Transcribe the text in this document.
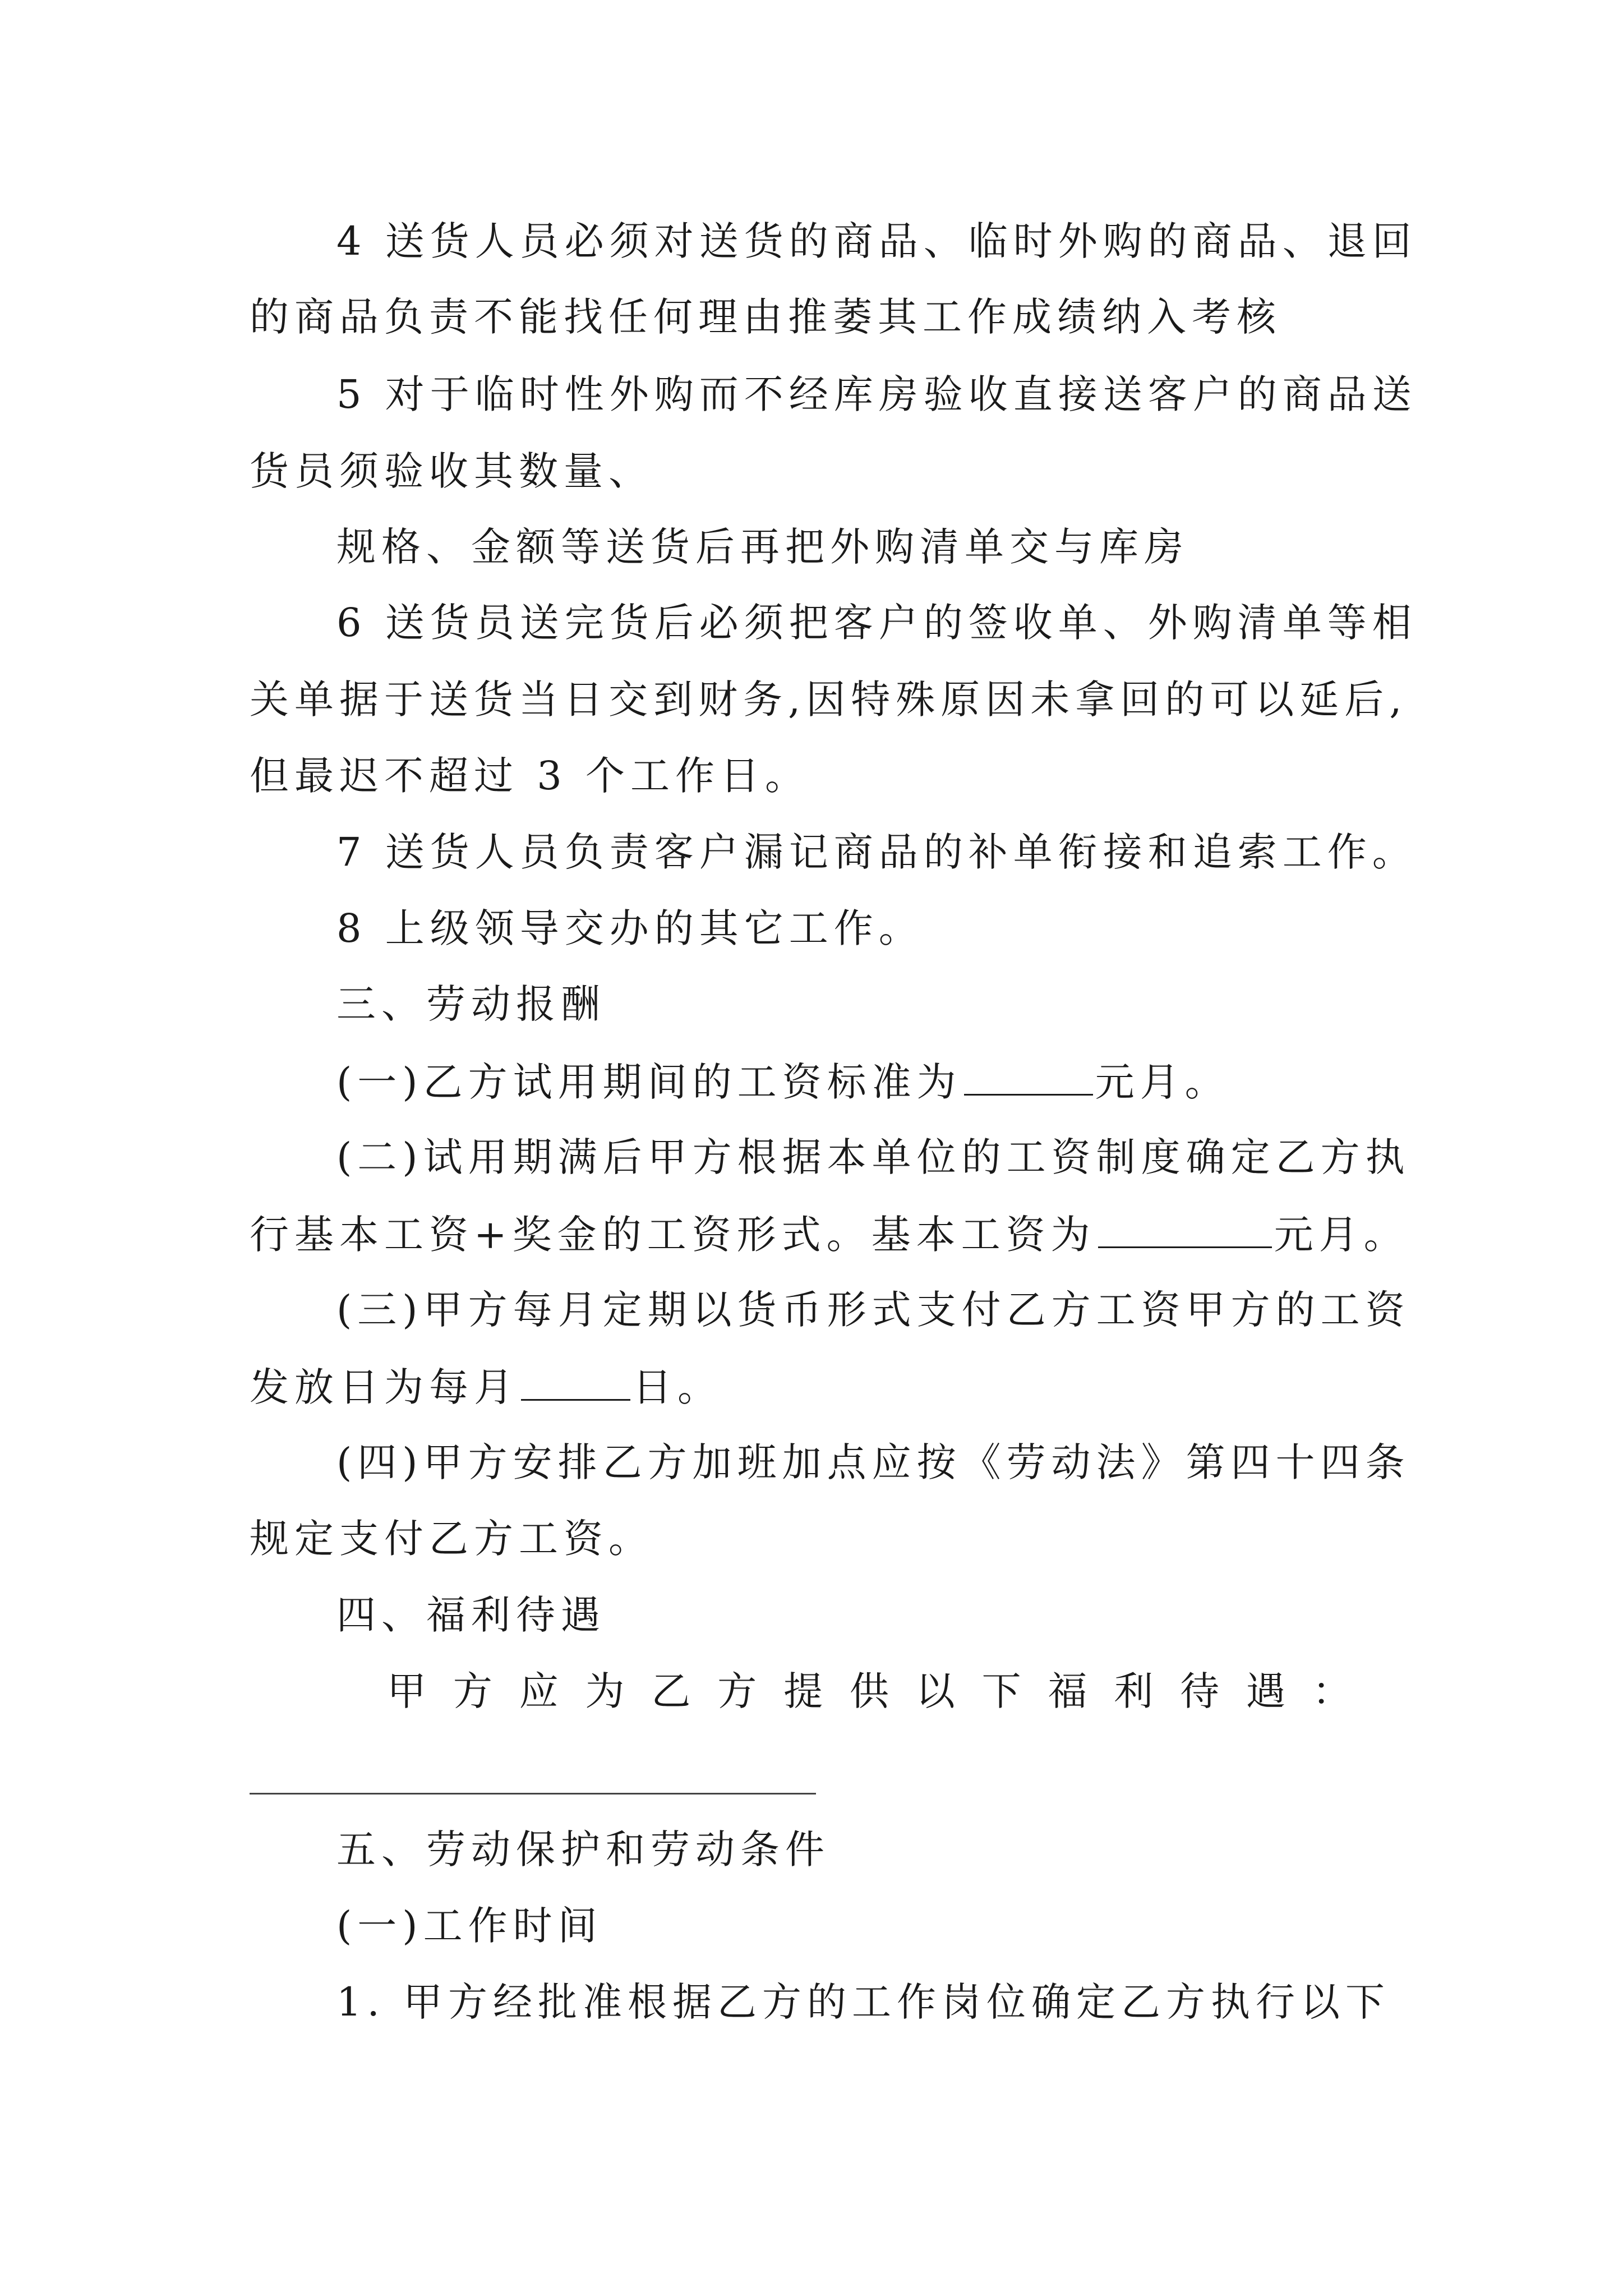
4 送货人员必须对送货的商品、临时外购的商品、退回
的商品负责不能找任何理由推萎其工作成绩纳入考核
5 对于临时性外购而不经库房验收直接送客户的商品送
货员须验收其数量、
规格、金额等送货后再把外购清单交与库房
6 送货员送完货后必须把客户的签收单、外购清单等相
关单据于送货当日交到财务,因特殊原因未拿回的可以延后,
但最迟不超过 3 个工作日。
7 送货人员负责客户漏记商品的补单衔接和追索工作。
8 上级领导交办的其它工作。
三、劳动报酬
(一)乙方试用期间的工资标准为	元月。
(二)试用期满后甲方根据本单位的工资制度确定乙方执
行基本工资+奖金的工资形式。基本工资为	元月。
(三)甲方每月定期以货币形式支付乙方工资甲方的工资
发放日为每月	日。
(四)甲方安排乙方加班加点应按《劳动法》第四十四条
规定支付乙方工资。
四、福利待遇
甲 方 应 为 乙 方 提 供 以 下 福 利 待 遇 ：
五、劳动保护和劳动条件
(一)工作时间
1. 甲方经批准根据乙方的工作岗位确定乙方执行以下
